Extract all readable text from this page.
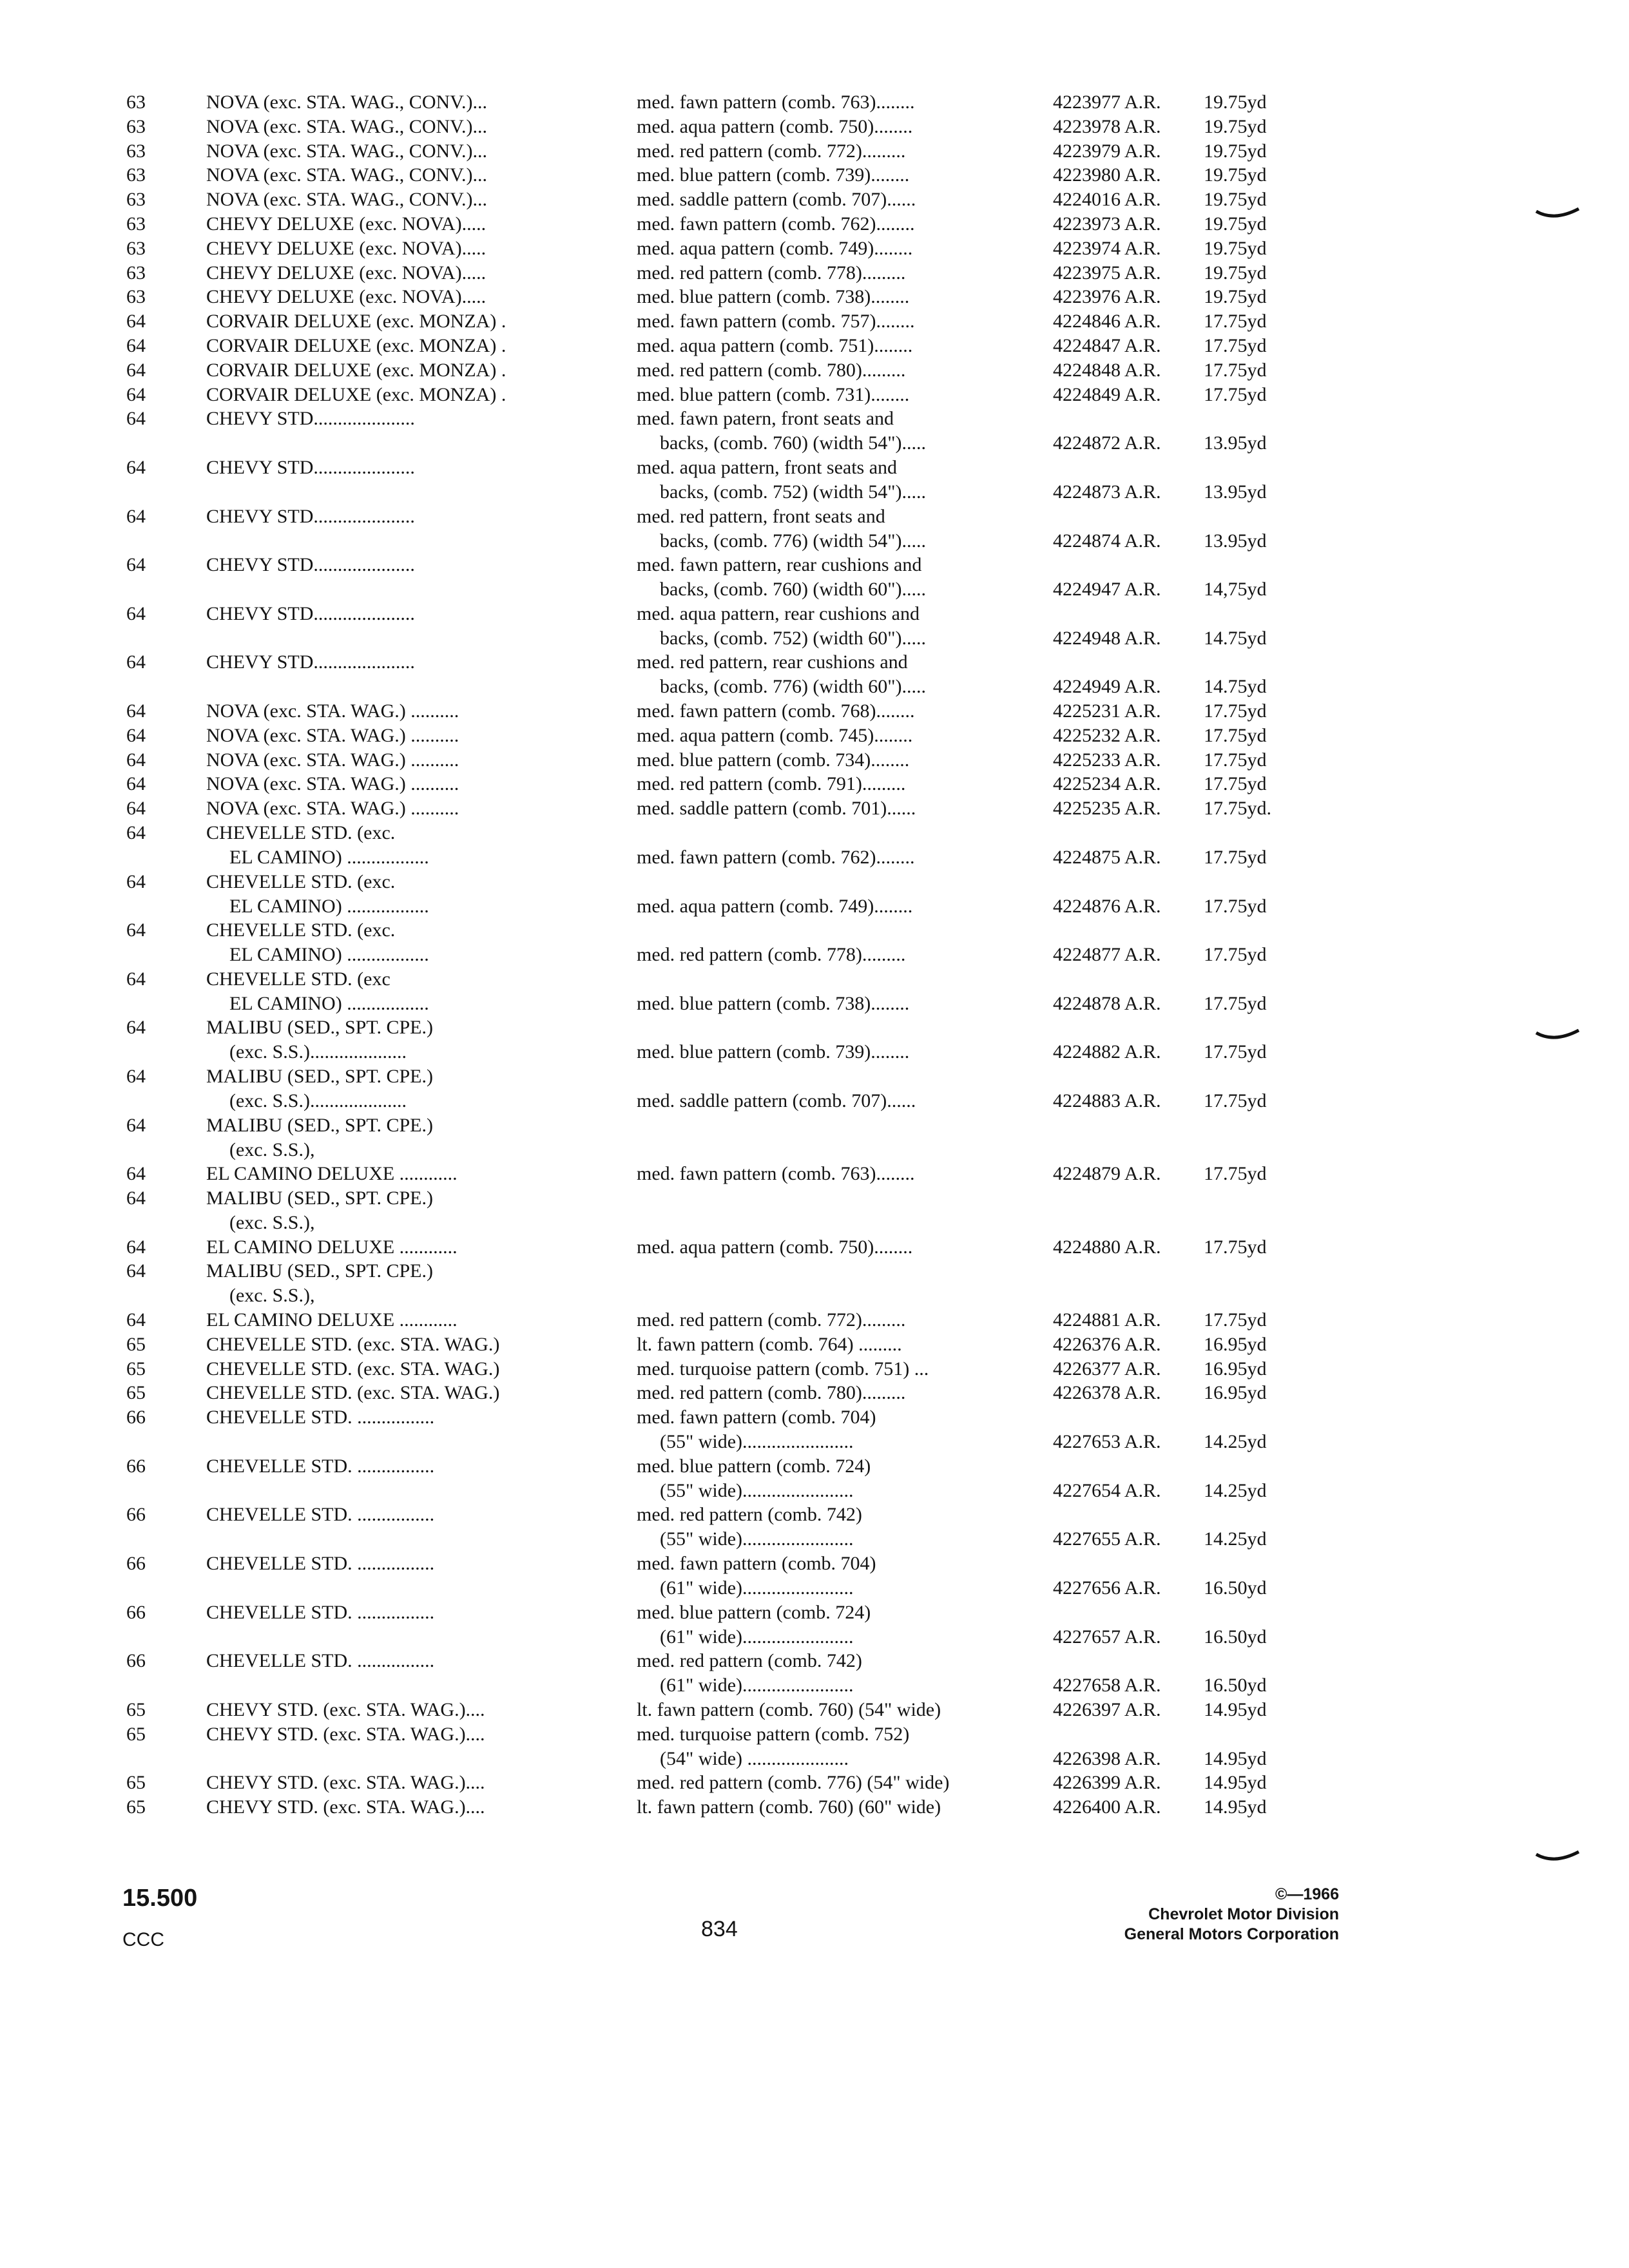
63	NOVA (exc. STA. WAG., CONV.)...	med. fawn pattern (comb. 763)........	4223977 A.R. 19.75yd
63	NOVA (exc. STA. WAG., CONV.)...	med. aqua pattern (comb. 750)........	4223978 A.R. 19.75yd
63	NOVA (exc. STA. WAG., CONV.)...	med. red pattern (comb. 772).........	4223979 A.R. 19.75yd
63	NOVA (exc. STA. WAG., CONV.)...	med. blue pattern (comb. 739)........	4223980 A.R. 19.75yd
63	NOVA (exc. STA. WAG., CONV.)...	med. saddle pattern (comb. 707)......	4224016 A.R. 19.75yd
63	CHEVY DELUXE (exc. NOVA).....	med. fawn pattern (comb. 762)........	4223973 A.R. 19.75yd
63	CHEVY DELUXE (exc. NOVA).....	med. aqua pattern (comb. 749)........	4223974 A.R. 19.75yd
63	CHEVY DELUXE (exc. NOVA).....	med. red pattern (comb. 778).........	4223975 A.R. 19.75yd
63	CHEVY DELUXE (exc. NOVA).....	med. blue pattern (comb. 738)........	4223976 A.R. 19.75yd
64	CORVAIR DELUXE (exc. MONZA) .	med. fawn pattern (comb. 757)........	4224846 A.R. 17.75yd
64	CORVAIR DELUXE (exc. MONZA) .	med. aqua pattern (comb. 751)........	4224847 A.R. 17.75yd
64	CORVAIR DELUXE (exc. MONZA) .	med. red pattern (comb. 780).........	4224848 A.R. 17.75yd
64	CORVAIR DELUXE (exc. MONZA) .	med. blue pattern (comb. 731)........	4224849 A.R. 17.75yd
64	CHEVY STD.....................	med. fawn patern, front seats and
backs, (comb. 760) (width 54").....	4224872 A.R. 13.95yd
64	CHEVY STD.....................	med. aqua pattern, front seats and
backs, (comb. 752) (width 54").....	4224873 A.R. 13.95yd
64	CHEVY STD.....................	med. red pattern, front seats and
backs, (comb. 776) (width 54").....	4224874 A.R. 13.95yd
64	CHEVY STD.....................	med. fawn pattern, rear cushions and
backs, (comb. 760) (width 60").....	4224947 A.R. 14,75yd
64	CHEVY STD.....................	med. aqua pattern, rear cushions and
backs, (comb. 752) (width 60").....	4224948 A.R. 14.75yd
64	CHEVY STD.....................	med. red pattern, rear cushions and
backs, (comb. 776) (width 60").....	4224949 A.R. 14.75yd
64	NOVA (exc. STA. WAG.) ..........	med. fawn pattern (comb. 768)........	4225231 A.R. 17.75yd
64	NOVA (exc. STA. WAG.) ..........	med. aqua pattern (comb. 745)........	4225232 A.R. 17.75yd
64	NOVA (exc. STA. WAG.) ..........	med. blue pattern (comb. 734)........	4225233 A.R. 17.75yd
64	NOVA (exc. STA. WAG.) ..........	med. red pattern (comb. 791).........	4225234 A.R. 17.75yd
64	NOVA (exc. STA. WAG.) ..........	med. saddle pattern (comb. 701)......	4225235 A.R. 17.75yd.
64	CHEVELLE STD. (exc.
EL CAMINO) .................	med. fawn pattern (comb. 762)........	4224875 A.R. 17.75yd
64	CHEVELLE STD. (exc.
EL CAMINO) .................	med. aqua pattern (comb. 749)........	4224876 A.R. 17.75yd
64	CHEVELLE STD. (exc.
EL CAMINO) .................	med. red pattern (comb. 778).........	4224877 A.R. 17.75yd
64	CHEVELLE STD. (exc
EL CAMINO) .................	med. blue pattern (comb. 738)........	4224878 A.R. 17.75yd
64	MALIBU (SED., SPT. CPE.)
(exc. S.S.)....................	med. blue pattern (comb. 739)........	4224882 A.R. 17.75yd
64	MALIBU (SED., SPT. CPE.)
(exc. S.S.)....................	med. saddle pattern (comb. 707)......	4224883 A.R. 17.75yd
64	MALIBU (SED., SPT. CPE.)
(exc. S.S.),
64	EL CAMINO DELUXE ............	med. fawn pattern (comb. 763)........	4224879 A.R. 17.75yd
64	MALIBU (SED., SPT. CPE.)
(exc. S.S.),
64	EL CAMINO DELUXE ............	med. aqua pattern (comb. 750)........	4224880 A.R. 17.75yd
64	MALIBU (SED., SPT. CPE.)
(exc. S.S.),
64	EL CAMINO DELUXE ............	med. red pattern (comb. 772).........	4224881 A.R. 17.75yd
65	CHEVELLE STD. (exc. STA. WAG.)	lt. fawn pattern (comb. 764) .........	4226376 A.R. 16.95yd
65	CHEVELLE STD. (exc. STA. WAG.)	med. turquoise pattern (comb. 751) ...	4226377 A.R. 16.95yd
65	CHEVELLE STD. (exc. STA. WAG.)	med. red pattern (comb. 780).........	4226378 A.R. 16.95yd
66	CHEVELLE STD. ................	med. fawn pattern (comb. 704)
(55" wide).......................	4227653 A.R. 14.25yd
66	CHEVELLE STD. ................	med. blue pattern (comb. 724)
(55" wide).......................	4227654 A.R. 14.25yd
66	CHEVELLE STD. ................	med. red pattern (comb. 742)
(55" wide).......................	4227655 A.R. 14.25yd
66	CHEVELLE STD. ................	med. fawn pattern (comb. 704)
(61" wide).......................	4227656 A.R. 16.50yd
66	CHEVELLE STD. ................	med. blue pattern (comb. 724)
(61" wide).......................	4227657 A.R. 16.50yd
66	CHEVELLE STD. ................	med. red pattern (comb. 742)
(61" wide).......................	4227658 A.R. 16.50yd
65	CHEVY STD. (exc. STA. WAG.)....	lt. fawn pattern (comb. 760) (54" wide)	4226397 A.R. 14.95yd
65	CHEVY STD. (exc. STA. WAG.)....	med. turquoise pattern (comb. 752)
(54" wide) .....................	4226398 A.R. 14.95yd
65	CHEVY STD. (exc. STA. WAG.)....	med. red pattern (comb. 776) (54" wide)	4226399 A.R. 14.95yd
65	CHEVY STD. (exc. STA. WAG.)....	lt. fawn pattern (comb. 760) (60" wide)	4226400 A.R. 14.95yd
15.500
CCC	834
©—1966
Chevrolet Motor Division
General Motors Corporation
